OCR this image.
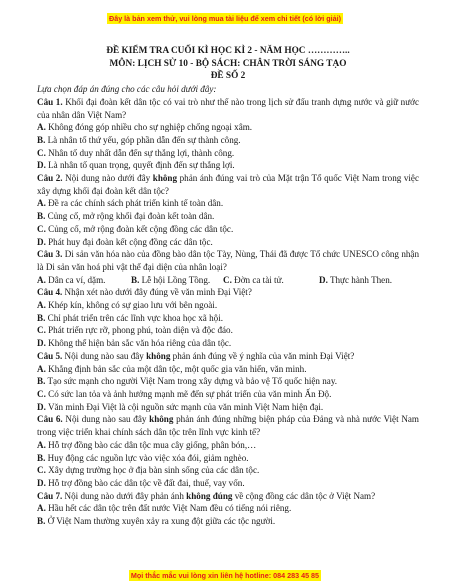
Đây là bản xem thử, vui lòng mua tài liệu để xem chi tiết (có lời giải)

ĐỀ KIỂM TRA CUỐI KÌ HỌC KÌ 2 - NĂM HỌC …………..

MÔN: LỊCH SỬ 10 - BỘ SÁCH: CHÂN TRỜI SÁNG TẠO

ĐỀ SỐ 2

Lựa chọn đáp án đúng cho các câu hỏi dưới đây:

Câu 1. Khối đại đoàn kết dân tộc có vai trò như thế nào trong lịch sử đấu tranh dựng nước và giữ nước của nhân dân Việt Nam?

A. Không đóng góp nhiều cho sự nghiệp chống ngoại xâm.

B. Là nhân tố thứ yếu, góp phần dẫn đến sự thành công.

C. Nhân tố duy nhất dẫn đến sự thắng lợi, thành công.

D. Là nhân tố quan trọng, quyết định đến sự thắng lợi.

Câu 2. Nội dung nào dưới đây không phản ánh đúng vai trò của Mặt trận Tổ quốc Việt Nam trong việc xây dựng khối đại đoàn kết dân tộc?

A. Đề ra các chính sách phát triển kinh tế toàn dân.

B. Củng cố, mở rộng khối đại đoàn kết toàn dân.

C. Củng cố, mở rộng đoàn kết cộng đồng các dân tộc.

D. Phát huy đại đoàn kết cộng đồng các dân tộc.

Câu 3. Di sản văn hóa nào của đồng bào dân tộc Tày, Nùng, Thái đã được Tổ chức UNESCO công nhận là Di sản văn hoá phi vật thể đại diện của nhân loại?

A. Dân ca ví, dặm.	B. Lễ hội Lồng Tồng.	C. Đờn ca tài tử.	D. Thực hành Then.

Câu 4. Nhận xét nào dưới đây đúng về văn minh Đại Việt?

A. Khép kín, không có sự giao lưu với bên ngoài.

B. Chỉ phát triển trên các lĩnh vực khoa học xã hội.

C. Phát triển rực rỡ, phong phú, toàn diện và độc đáo.

D. Không thể hiện bản sắc văn hóa riêng của dân tộc.

Câu 5. Nội dung nào sau đây không phản ánh đúng về ý nghĩa của văn minh Đại Việt?

A. Khẳng định bản sắc của một dân tộc, một quốc gia văn hiến, văn minh.

B. Tạo sức mạnh cho người Việt Nam trong xây dựng và bảo vệ Tổ quốc hiện nay.

C. Có sức lan tỏa và ảnh hưởng mạnh mẽ đến sự phát triển của văn minh Ấn Độ.

D. Văn minh Đại Việt là cội nguồn sức mạnh của văn minh Việt Nam hiện đại.

Câu 6. Nội dung nào sau đây không phản ánh đúng những biện pháp của Đảng và nhà nước Việt Nam trong việc triển khai chính sách dân tộc trên lĩnh vực kinh tế?

A. Hỗ trợ đồng bào các dân tộc mua cây giống, phân bón,…

B. Huy động các nguồn lực vào việc xóa đói, giảm nghèo.

C. Xây dựng trường học ở địa bàn sinh sống của các dân tộc.

D. Hỗ trợ đồng bào các dân tộc về đất đai, thuế, vay vốn.

Câu 7. Nội dung nào dưới đây phản ánh không đúng về cộng đồng các dân tộc ở Việt Nam?

A. Hầu hết các dân tộc trên đất nước Việt Nam đều có tiếng nói riêng.

B. Ở Việt Nam thường xuyên xảy ra xung đột giữa các tộc người.

Mọi thắc mắc vui lòng xin liên hệ hotline: 084 283 45 85
